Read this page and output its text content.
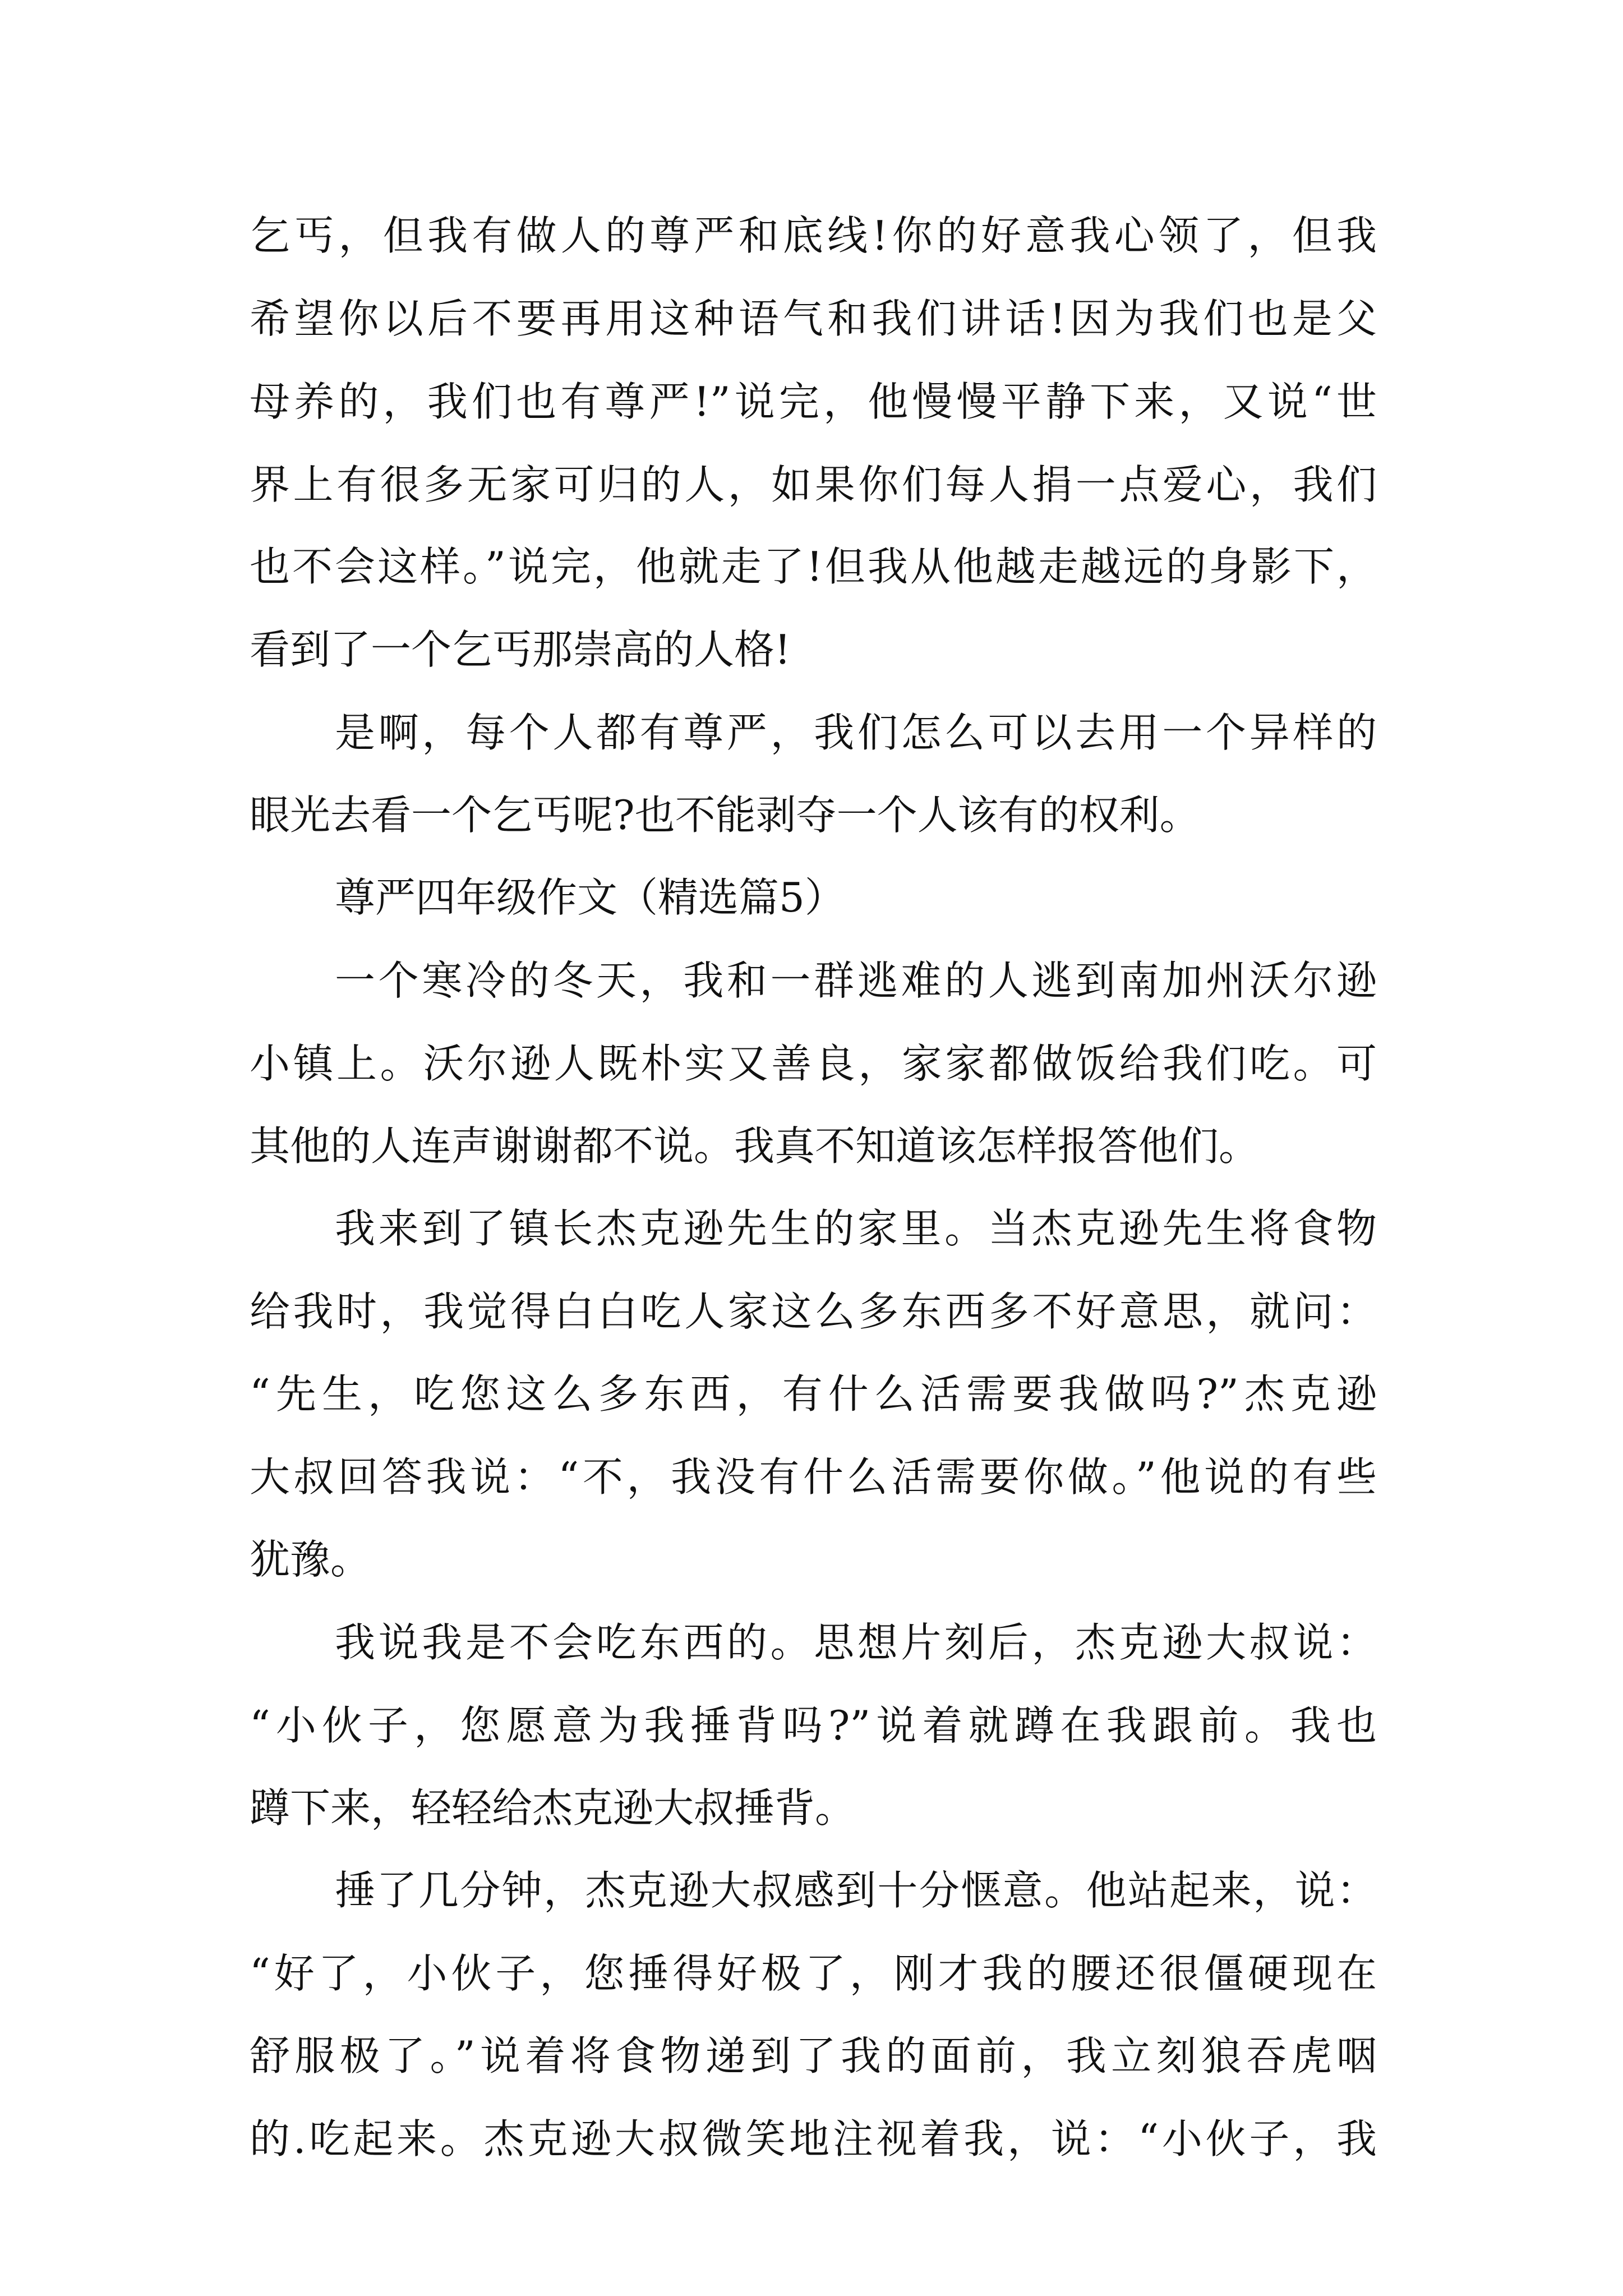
乞丐，但我有做人的尊严和底线!你的好意我心领了，但我
希望你以后不要再用这种语气和我们讲话!因为我们也是父
母养的，我们也有尊严!”说完，他慢慢平静下来，又说“世
界上有很多无家可归的人，如果你们每人捐一点爱心，我们
也不会这样。”说完，他就走了!但我从他越走越远的身影下，
看到了一个乞丐那崇高的人格!
是啊，每个人都有尊严，我们怎么可以去用一个异样的
眼光去看一个乞丐呢?也不能剥夺一个人该有的权利。
尊严四年级作文（精选篇5）
一个寒冷的冬天，我和一群逃难的人逃到南加州沃尔逊
小镇上。沃尔逊人既朴实又善良，家家都做饭给我们吃。可
其他的人连声谢谢都不说。我真不知道该怎样报答他们。
我来到了镇长杰克逊先生的家里。当杰克逊先生将食物
给我时，我觉得白白吃人家这么多东西多不好意思，就问：
“先生，吃您这么多东西，有什么活需要我做吗?”杰克逊
大叔回答我说：“不，我没有什么活需要你做。”他说的有些
犹豫。
我说我是不会吃东西的。思想片刻后，杰克逊大叔说：
“小伙子，您愿意为我捶背吗?”说着就蹲在我跟前。我也
蹲下来，轻轻给杰克逊大叔捶背。
捶了几分钟，杰克逊大叔感到十分惬意。他站起来，说：
“好了，小伙子，您捶得好极了，刚才我的腰还很僵硬现在
舒服极了。”说着将食物递到了我的面前，我立刻狼吞虎咽
的.吃起来。杰克逊大叔微笑地注视着我，说：“小伙子，我
